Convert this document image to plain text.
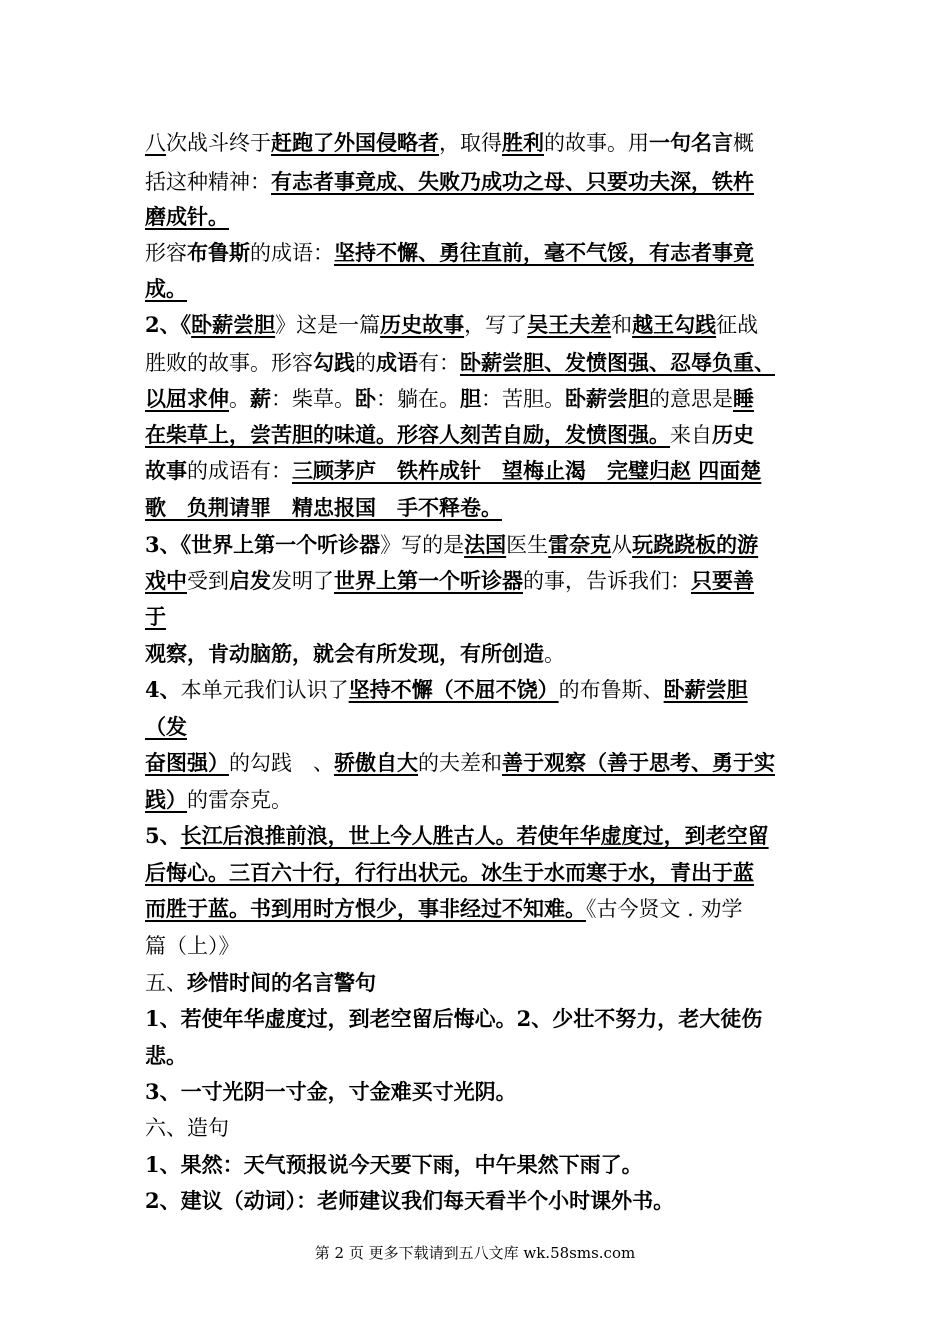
八次战斗终于赶跑了外国侵略者，取得胜利的故事。用一句名言概
括这种精神：有志者事竟成、失败乃成功之母、只要功夫深，铁杵
磨成针。
形容布鲁斯的成语：坚持不懈、勇往直前，毫不气馁，有志者事竟
成。
2、《卧薪尝胆》这是一篇历史故事，写了吴王夫差和越王勾践征战
胜败的故事。形容勾践的成语有：卧薪尝胆、发愤图强、忍辱负重、
以屈求伸。薪：柴草。卧：躺在。胆：苦胆。卧薪尝胆的意思是睡
在柴草上，尝苦胆的味道。形容人刻苦自励，发愤图强。来自历史
故事的成语有：三顾茅庐　铁杵成针　望梅止渴　完璧归赵 四面楚
歌　负荆请罪　精忠报国　手不释卷。
3、《世界上第一个听诊器》写的是法国医生雷奈克从玩跷跷板的游
戏中受到启发发明了世界上第一个听诊器的事，告诉我们：只要善
于
观察，肯动脑筋，就会有所发现，有所创造。
4、本单元我们认识了坚持不懈（不屈不饶）的布鲁斯、卧薪尝胆
（发
奋图强）的勾践　、骄傲自大的夫差和善于观察（善于思考、勇于实
践）的雷奈克。
5、长江后浪推前浪，世上今人胜古人。若使年华虚度过，到老空留
后悔心。三百六十行，行行出状元。冰生于水而寒于水，青出于蓝
而胜于蓝。书到用时方恨少，事非经过不知难。《古今贤文 . 劝学
篇（上）》
五、珍惜时间的名言警句
1、若使年华虚度过，到老空留后悔心。2、少壮不努力，老大徒伤
悲。
3、一寸光阴一寸金，寸金难买寸光阴。
六、造句
1、果然：天气预报说今天要下雨，中午果然下雨了。
2、建议（动词）：老师建议我们每天看半个小时课外书。
第 2 页 更多下载请到五八文库 wk.58sms.com
